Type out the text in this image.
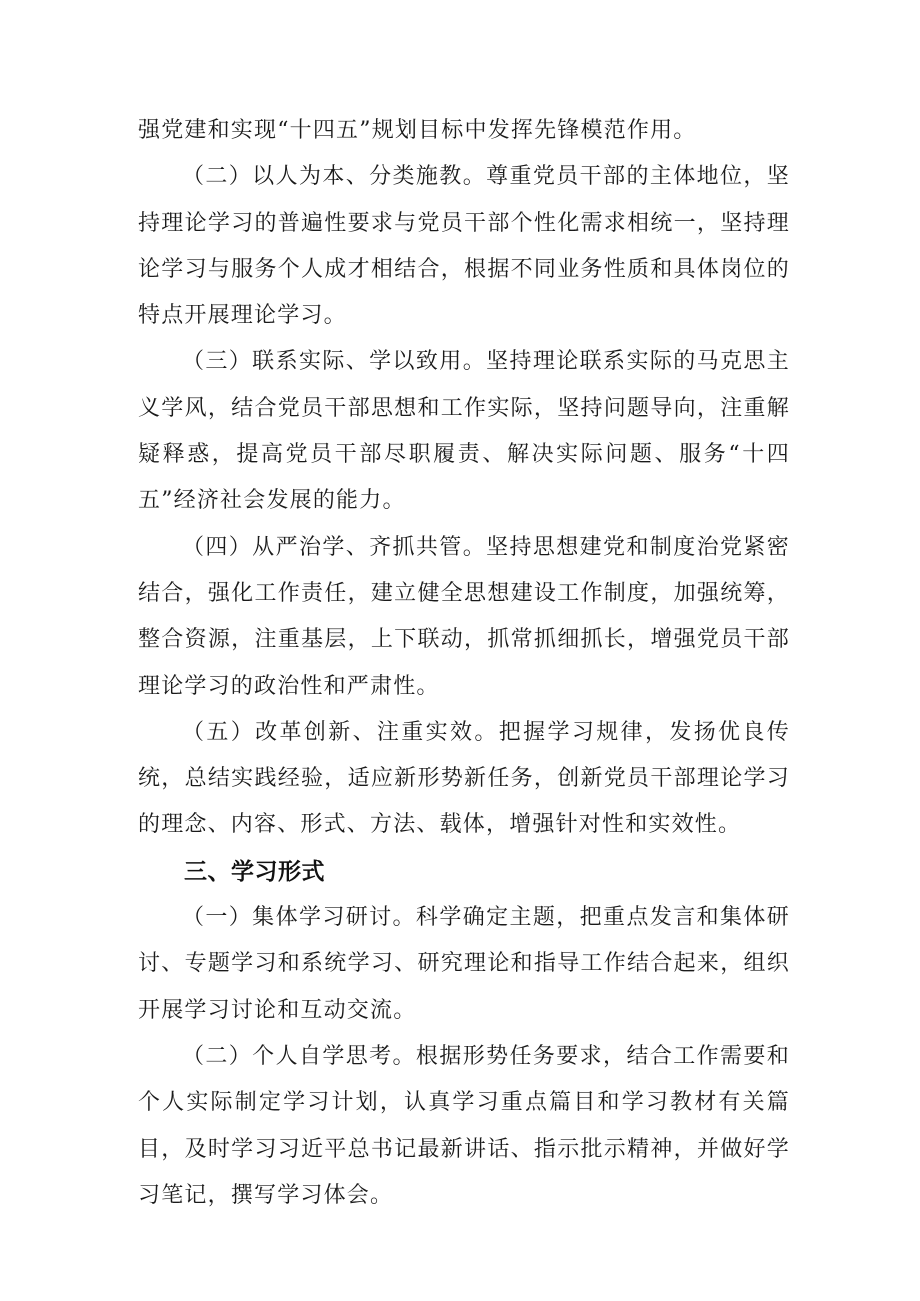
强党建和实现“十四五”规划目标中发挥先锋模范作用。

（二）以人为本、分类施教。尊重党员干部的主体地位，坚持理论学习的普遍性要求与党员干部个性化需求相统一，坚持理论学习与服务个人成才相结合，根据不同业务性质和具体岗位的特点开展理论学习。

（三）联系实际、学以致用。坚持理论联系实际的马克思主义学风，结合党员干部思想和工作实际，坚持问题导向，注重解疑释惑，提高党员干部尽职履责、解决实际问题、服务“十四五”经济社会发展的能力。

（四）从严治学、齐抓共管。坚持思想建党和制度治党紧密结合，强化工作责任，建立健全思想建设工作制度，加强统筹，整合资源，注重基层，上下联动，抓常抓细抓长，增强党员干部理论学习的政治性和严肃性。

（五）改革创新、注重实效。把握学习规律，发扬优良传统，总结实践经验，适应新形势新任务，创新党员干部理论学习的理念、内容、形式、方法、载体，增强针对性和实效性。

三、学习形式

（一）集体学习研讨。科学确定主题，把重点发言和集体研讨、专题学习和系统学习、研究理论和指导工作结合起来，组织开展学习讨论和互动交流。

（二）个人自学思考。根据形势任务要求，结合工作需要和个人实际制定学习计划，认真学习重点篇目和学习教材有关篇目，及时学习习近平总书记最新讲话、指示批示精神，并做好学习笔记，撰写学习体会。
